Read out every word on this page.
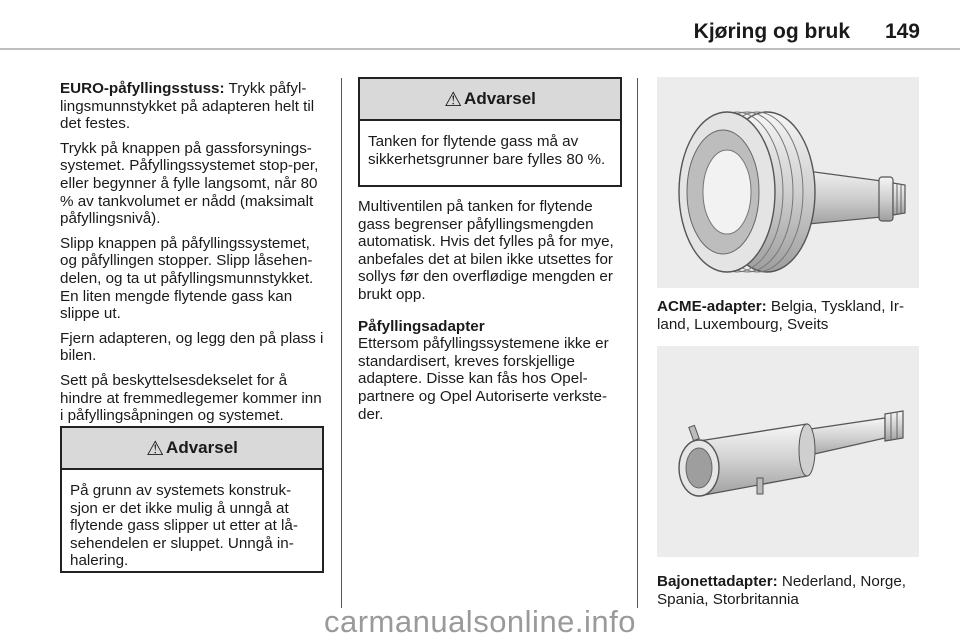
Kjøring og bruk 149

EURO-påfyllingsstuss: Trykk påfyl-lingsmunnstykket på adapteren helt til det festes.

Trykk på knappen på gassforsynings-systemet. Påfyllingssystemet stop-per, eller begynner å fylle langsomt, når 80 % av tankvolumet er nådd (maksimalt påfyllingsnivå).

Slipp knappen på påfyllingssystemet, og påfyllingen stopper. Slipp låsehen-delen, og ta ut påfyllingsmunnstykket. En liten mengde flytende gass kan slippe ut.

Fjern adapteren, og legg den på plass i bilen.

Sett på beskyttelsesdekselet for å hindre at fremmedlegemer kommer inn i påfyllingsåpningen og systemet.

⚠ Advarsel
På grunn av systemets konstruk-sjon er det ikke mulig å unngå at flytende gass slipper ut etter at lå-sehendelen er sluppet. Unngå in-halering.
⚠ Advarsel
Tanken for flytende gass må av sikkerhetsgrunner bare fylles 80 %.

Multiventilen på tanken for flytende gass begrenser påfyllingsmengden automatisk. Hvis det fylles på for mye, anbefales det at bilen ikke utsettes for sollys før den overflødige mengden er brukt opp.

Påfyllingsadapter

Ettersom påfyllingssystemene ikke er standardisert, kreves forskjellige adaptere. Disse kan fås hos Opel-partnere og Opel Autoriserte verkste-der.

ACME-adapter: Belgia, Tyskland, Ir-land, Luxembourg, Sveits
Bajonettadapter: Nederland, Norge, Spania, Storbritannia
carmanualsonline.info
